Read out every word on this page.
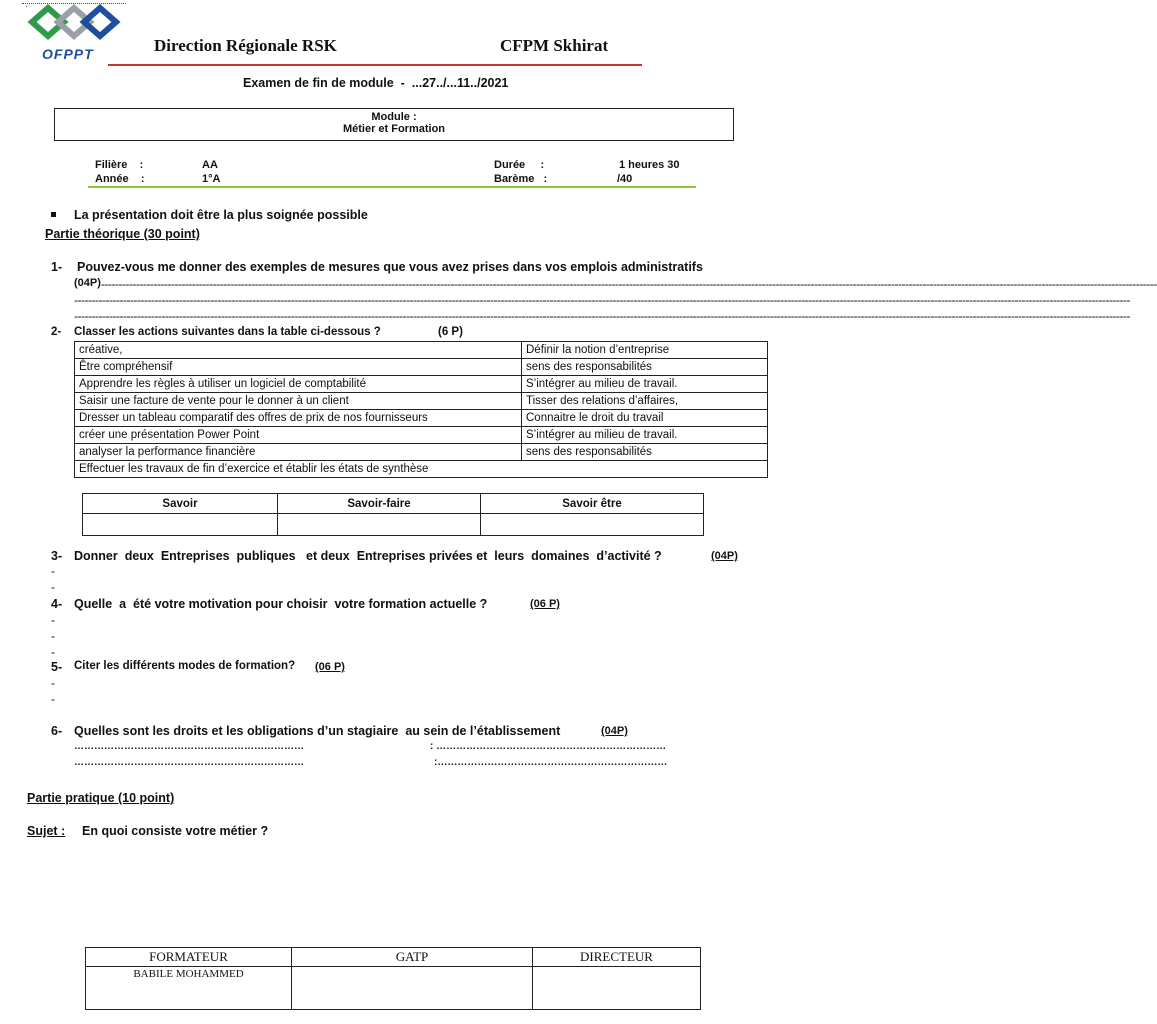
OFPPT	Direction Régionale RSK	CFPM Skhirat
Examen de fin de module  -  ...27../...11../2021
Module :
Métier et Formation
Filière    :	AA
Année    :	1°A
Durée     :	1 heures 30
Barème   :	/40
La présentation doit être la plus soignée possible
Partie théorique (30 point)
1- Pouvez-vous me donner des exemples de mesures que vous avez prises dans vos emplois administratifs
(04P) --------------------------------------------------------------------------------------------------------------------------------------------------------------------------------------------------------------------------------------------------------------------------------------------------------------
--------------------------------------------------------------------------------------------------------------------------------------------------------------------------------------------------------------------------------------------------------------------------------------------------------------
--------------------------------------------------------------------------------------------------------------------------------------------------------------------------------------------------------------------------------------------------------------------------------------------------------------
2- Classer les actions suivantes dans la table ci-dessous ?	(6 P)
créative,	Définir la notion d’entreprise
Être compréhensif	sens des responsabilités
Apprendre les règles à utiliser un logiciel de comptabilité	S’intégrer au milieu de travail.
Saisir une facture de vente pour le donner à un client	Tisser des relations d’affaires,
Dresser un tableau comparatif des offres de prix de nos fournisseurs	Connaitre le droit du travail
créer une présentation Power Point	S’intégrer au milieu de travail.
analyser la performance financière	sens des responsabilités
Effectuer les travaux de fin d’exercice et établir les états de synthèse	
Savoir	Savoir-faire	Savoir être

3- Donner  deux  Entreprises  publiques   et deux  Entreprises privées et  leurs  domaines  d’activité ?	(04P)
-
-
4- Quelle  a  été votre motivation pour choisir  votre formation actuelle ?	(06 P)
-
-
-
5- Citer les différents modes de formation? (06 P)
-
-
6- Quelles sont les droits et les obligations d’un stagiaire  au sein de l’établissement	(04P)
……………………………………………………………	: ……………………………………………………………
……………………………………………………………	:……………………………………………………………
Partie pratique (10 point)
Sujet : En quoi consiste votre métier ?
FORMATEUR	GATP	DIRECTEUR
BABILE MOHAMMED		
